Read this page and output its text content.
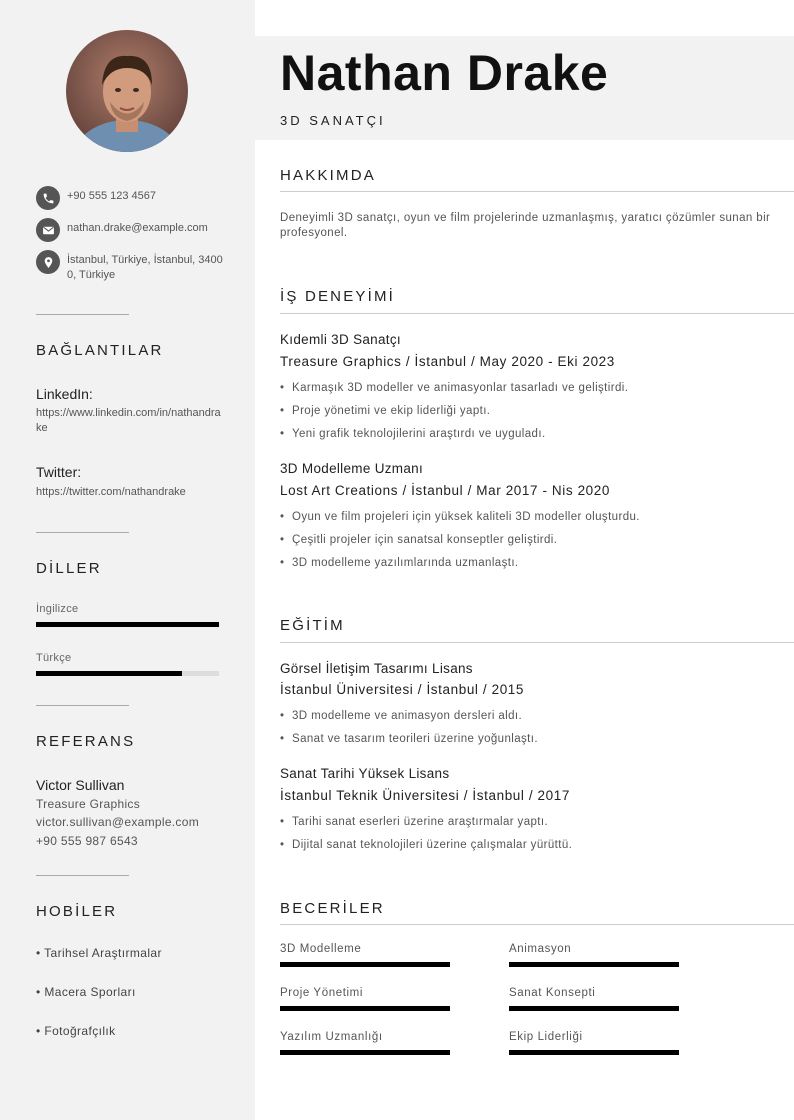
+90 555 123 4567
nathan.drake@example.com
İstanbul, Türkiye, İstanbul, 34000, Türkiye
BAĞLANTILAR
LinkedIn:
https://www.linkedin.com/in/nathandrake
Twitter:
https://twitter.com/nathandrake
DİLLER
İngilizce
Türkçe
REFERANS
Victor Sullivan
Treasure Graphics
victor.sullivan@example.com
+90 555 987 6543
HOBİLER
• Tarihsel Araştırmalar
• Macera Sporları
• Fotoğrafçılık
Nathan Drake
3D SANATÇI
HAKKIMDA
Deneyimli 3D sanatçı, oyun ve film projelerinde uzmanlaşmış, yaratıcı çözümler sunan bir profesyonel.
İŞ DENEYİMİ
Kıdemli 3D Sanatçı
Treasure Graphics / İstanbul / May 2020 - Eki 2023
• Karmaşık 3D modeller ve animasyonlar tasarladı ve geliştirdi.
• Proje yönetimi ve ekip liderliği yaptı.
• Yeni grafik teknolojilerini araştırdı ve uyguladı.
3D Modelleme Uzmanı
Lost Art Creations / İstanbul / Mar 2017 - Nis 2020
• Oyun ve film projeleri için yüksek kaliteli 3D modeller oluşturdu.
• Çeşitli projeler için sanatsal konseptler geliştirdi.
• 3D modelleme yazılımlarında uzmanlaştı.
EĞİTİM
Görsel İletişim Tasarımı Lisans
İstanbul Üniversitesi / İstanbul / 2015
• 3D modelleme ve animasyon dersleri aldı.
• Sanat ve tasarım teorileri üzerine yoğunlaştı.
Sanat Tarihi Yüksek Lisans
İstanbul Teknik Üniversitesi / İstanbul / 2017
• Tarihi sanat eserleri üzerine araştırmalar yaptı.
• Dijital sanat teknolojileri üzerine çalışmalar yürüttü.
BECERİLER
3D Modelleme	Animasyon
Proje Yönetimi	Sanat Konsepti
Yazılım Uzmanlığı	Ekip Liderliği
